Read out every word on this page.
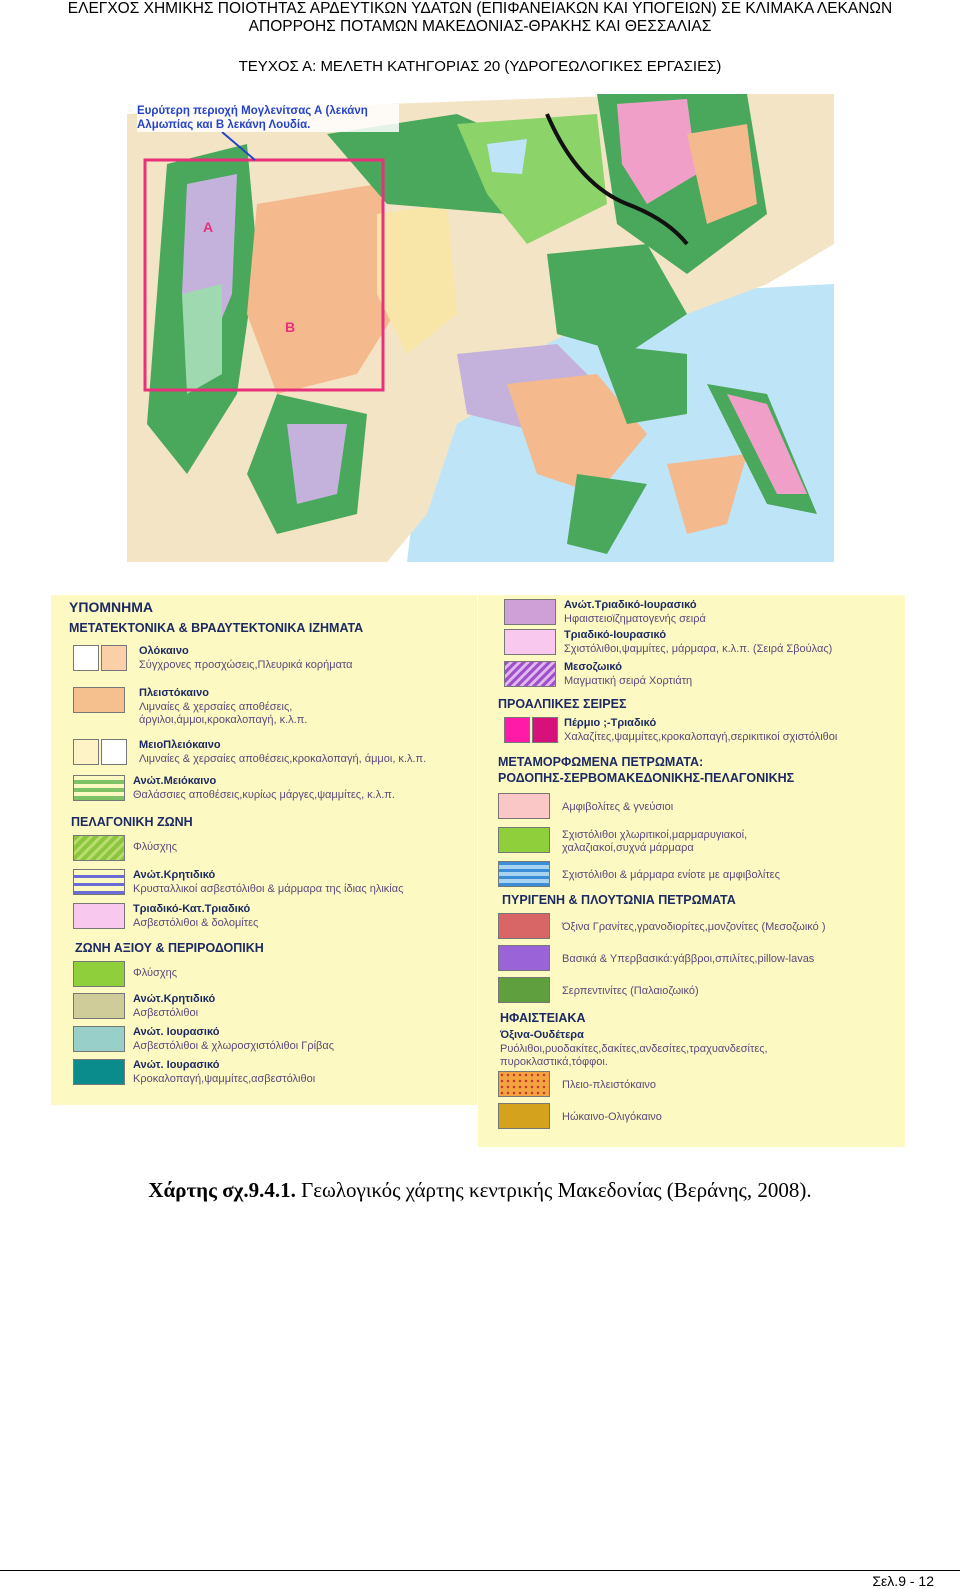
ΕΛΕΓΧΟΣ ΧΗΜΙΚΗΣ ΠΟΙΟΤΗΤΑΣ ΑΡΔΕΥΤΙΚΩΝ ΥΔΑΤΩΝ (ΕΠΙΦΑΝΕΙΑΚΩΝ ΚΑΙ ΥΠΟΓΕΙΩΝ) ΣΕ ΚΛΙΜΑΚΑ ΛΕΚΑΝΩΝ
ΑΠΟΡΡΟΗΣ ΠΟΤΑΜΩΝ ΜΑΚΕΔΟΝΙΑΣ-ΘΡΑΚΗΣ ΚΑΙ ΘΕΣΣΑΛΙΑΣ
ΤΕΥΧΟΣ Α: ΜΕΛΕΤΗ ΚΑΤΗΓΟΡΙΑΣ 20 (ΥΔΡΟΓΕΩΛΟΓΙΚΕΣ ΕΡΓΑΣΙΕΣ)
Α
Β
Ευρύτερη περιοχή Μογλενίτσας Α (λεκάνη Αλμωπίας και Β λεκάνη Λουδία.
ΥΠΟΜΝΗΜΑ
ΜΕΤΑΤΕΚΤΟΝΙΚΑ & ΒΡΑΔΥΤΕΚΤΟΝΙΚΑ ΙΖΗΜΑΤΑ
Ολόκαινο
Σύγχρονες προσχώσεις,Πλευρικά κορήματα
Πλειστόκαινο
Λιμναίες & χερσαίες αποθέσεις,
άργιλοι,άμμοι,κροκαλοπαγή, κ.λ.π.
ΜειοΠλειόκαινο
Λιμναίες & χερσαίες αποθέσεις,κροκαλοπαγή, άμμοι, κ.λ.π.
Ανώτ.Μειόκαινο
Θαλάσσιες αποθέσεις,κυρίως μάργες,ψαμμίτες, κ.λ.π.
ΠΕΛΑΓΟΝΙΚΗ ΖΩΝΗ
Φλύσχης
Ανώτ.Κρητιδικό
Κρυσταλλικοί ασβεστόλιθοι & μάρμαρα της ίδιας ηλικίας
Τριαδικό-Κατ.Τριαδικό
Ασβεστόλιθοι & δολομίτες
ΖΩΝΗ ΑΞΙΟΥ & ΠΕΡΙΡΟΔΟΠΙΚΗ
Φλύσχης
Ανώτ.Κρητιδικό
Ασβεστόλιθοι
Ανώτ. Ιουρασικό
Ασβεστόλιθοι & χλωροσχιστόλιθοι Γρίβας
Ανώτ. Ιουρασικό
Κροκαλοπαγή,ψαμμίτες,ασβεστόλιθοι
Ανώτ.Τριαδικό-Ιουρασικό
Ηφαιστειοϊζηματογενής σειρά
Τριαδικό-Ιουρασικό
Σχιστόλιθοι,ψαμμίτες, μάρμαρα, κ.λ.π. (Σειρά Σβούλας)
Μεσοζωικό
Μαγματική σειρά Χορτιάτη
ΠΡΟΑΛΠΙΚΕΣ ΣΕΙΡΕΣ
Πέρμιο ;-Τριαδικό
Χαλαζίτες,ψαμμίτες,κροκαλοπαγή,σερικιτικοί σχιστόλιθοι
ΜΕΤΑΜΟΡΦΩΜΕΝΑ ΠΕΤΡΩΜΑΤΑ:
ΡΟΔΟΠΗΣ-ΣΕΡΒΟΜΑΚΕΔΟΝΙΚΗΣ-ΠΕΛΑΓΟΝΙΚΗΣ
Αμφιβολίτες & γνεύσιοι
Σχιστόλιθοι χλωριτικοί,μαρμαρυγιακοί,
χαλαζιακοί,συχνά μάρμαρα
Σχιστόλιθοι & μάρμαρα ενίοτε με αμφιβολίτες
ΠΥΡΙΓΕΝΗ & ΠΛΟΥΤΩΝΙΑ ΠΕΤΡΩΜΑΤΑ
Όξινα Γρανίτες,γρανοδιορίτες,μονζονίτες (Μεσοζωικό )
Βασικά & Υπερβασικά:γάββροι,σπιλίτες,pillow-lavas
Σερπεντινίτες (Παλαιοζωικό)
ΗΦΑΙΣΤΕΙΑΚΑ
Όξινα-Ουδέτερα
Ρυόλιθοι,ρυοδακίτες,δακίτες,ανδεσίτες,τραχυανδεσίτες,
πυροκλαστικά,τόφφοι.
Πλειο-πλειστόκαινο
Ηώκαινο-Ολιγόκαινο
Χάρτης σχ.9.4.1. Γεωλογικός χάρτης κεντρικής Μακεδονίας (Βεράνης, 2008).
Σελ.9 - 12
